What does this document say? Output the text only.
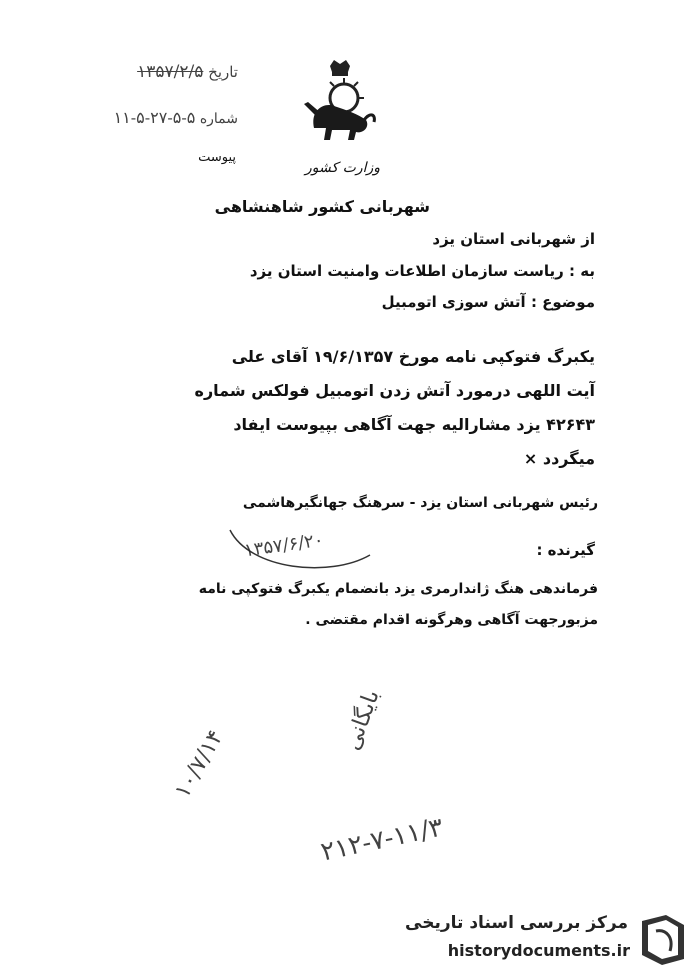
تاریخ ۱۳۵۷/۲/۵
شماره ۵-۵-۲۷-۵-۱۱
پیوست
وزارت کشور
شهربانی کشور شاهنشاهی
از شهربانی استان یزد
به : ریاست سازمان اطلاعات وامنیت استان یزد
موضوع : آتش سوزی اتومبیل
یکبرگ فتوکپی نامه مورخ ۱۹/۶/۱۳۵۷ آقای علی
آیت اللهی درمورد آتش زدن اتومبیل فولکس شماره
۴۲۶۴۳ یزد مشارالیه جهت آگاهی بپیوست ایفاد
میگردد ×
رئیس شهربانی استان یزد - سرهنگ جهانگیرهاشمی
۱۳۵۷/۶/۲۰	گیرنده :
فرماندهی هنگ ژاندارمری یزد بانضمام یکبرگ فتوکپی نامه
مزبورجهت آگاهی وهرگونه اقدام مقتضی .
۱۰/۷/۱۴
بایگانی
۲۱۲-۷-۱۱/۳
مرکز بررسی اسناد تاریخی
historydocuments.ir
